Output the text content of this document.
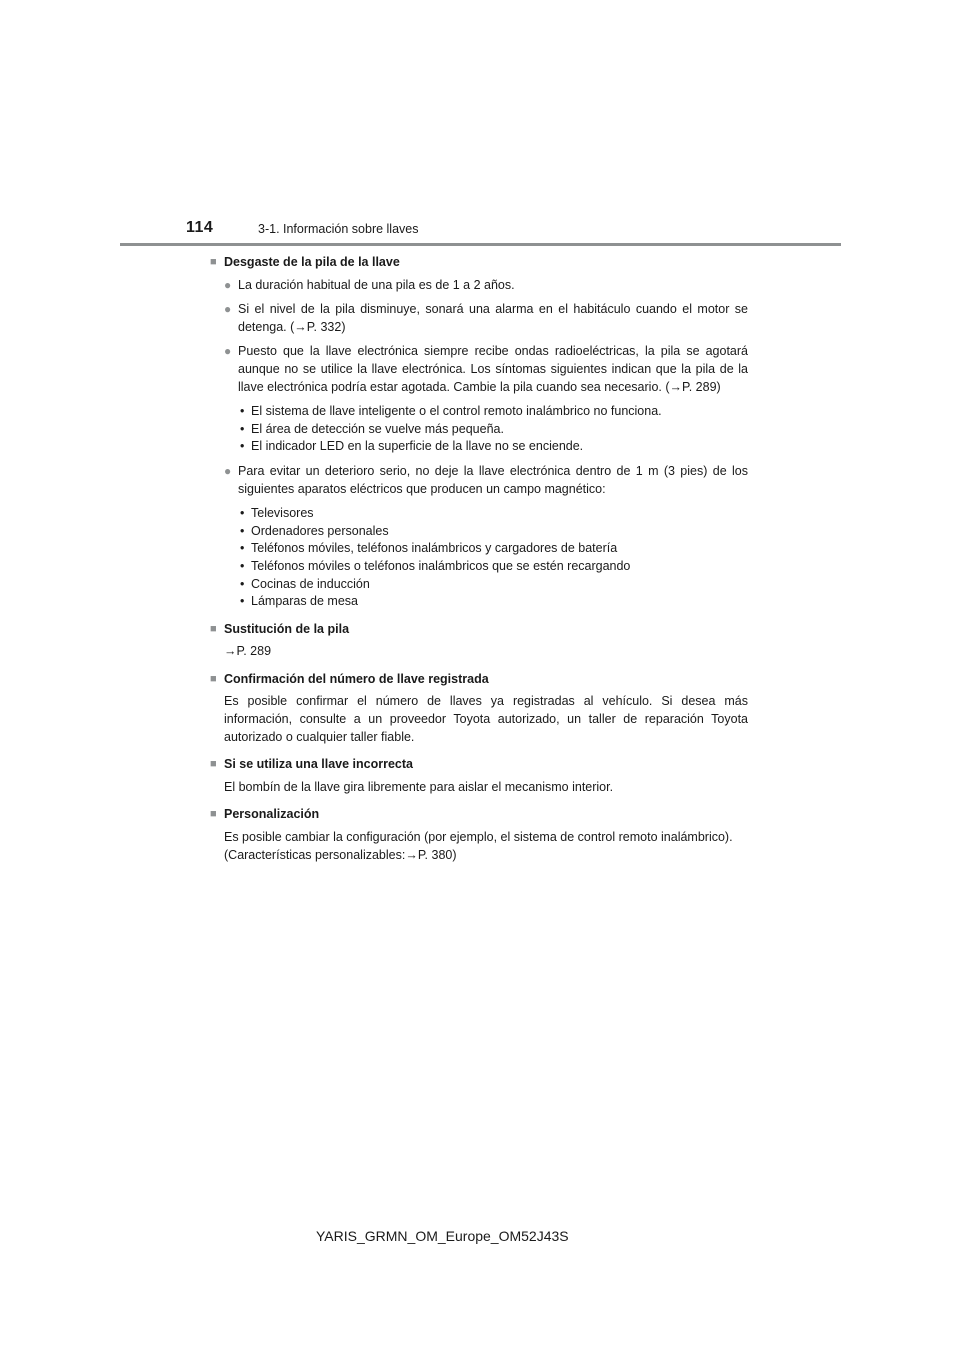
114	3-1. Información sobre llaves
■ Desgaste de la pila de la llave
● La duración habitual de una pila es de 1 a 2 años.
● Si el nivel de la pila disminuye, sonará una alarma en el habitáculo cuando el motor se detenga. (→P. 332)
● Puesto que la llave electrónica siempre recibe ondas radioeléctricas, la pila se agotará aunque no se utilice la llave electrónica. Los síntomas siguientes indican que la pila de la llave electrónica podría estar agotada. Cambie la pila cuando sea necesario. (→P. 289)
• El sistema de llave inteligente o el control remoto inalámbrico no funciona.
• El área de detección se vuelve más pequeña.
• El indicador LED en la superficie de la llave no se enciende.
● Para evitar un deterioro serio, no deje la llave electrónica dentro de 1 m (3 pies) de los siguientes aparatos eléctricos que producen un campo magnético:
• Televisores
• Ordenadores personales
• Teléfonos móviles, teléfonos inalámbricos y cargadores de batería
• Teléfonos móviles o teléfonos inalámbricos que se estén recargando
• Cocinas de inducción
• Lámparas de mesa
■ Sustitución de la pila

→P. 289

■ Confirmación del número de llave registrada

Es posible confirmar el número de llaves ya registradas al vehículo. Si desea más información, consulte a un proveedor Toyota autorizado, un taller de reparación Toyota autorizado o cualquier taller fiable.

■ Si se utiliza una llave incorrecta

El bombín de la llave gira libremente para aislar el mecanismo interior.

■ Personalización

Es posible cambiar la configuración (por ejemplo, el sistema de control remoto inalámbrico).

(Características personalizables:→P. 380)

YARIS_GRMN_OM_Europe_OM52J43S
